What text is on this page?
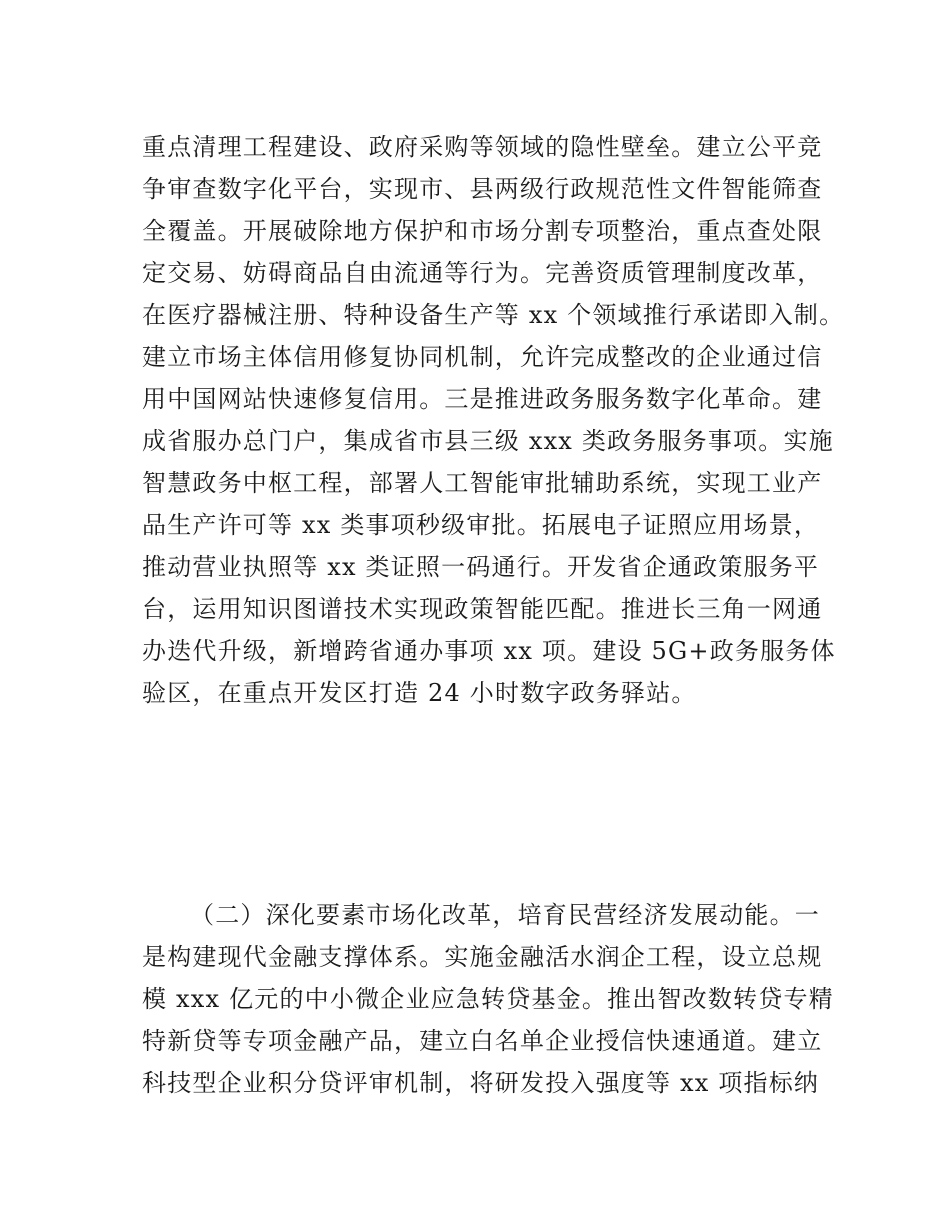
重点清理工程建设、政府采购等领域的隐性壁垒。建立公平竞
争审查数字化平台，实现市、县两级行政规范性文件智能筛查
全覆盖。开展破除地方保护和市场分割专项整治，重点查处限
定交易、妨碍商品自由流通等行为。完善资质管理制度改革，
在医疗器械注册、特种设备生产等 xx 个领域推行承诺即入制。
建立市场主体信用修复协同机制，允许完成整改的企业通过信
用中国网站快速修复信用。三是推进政务服务数字化革命。建
成省服办总门户，集成省市县三级 xxx 类政务服务事项。实施
智慧政务中枢工程，部署人工智能审批辅助系统，实现工业产
品生产许可等 xx 类事项秒级审批。拓展电子证照应用场景，
推动营业执照等 xx 类证照一码通行。开发省企通政策服务平
台，运用知识图谱技术实现政策智能匹配。推进长三角一网通
办迭代升级，新增跨省通办事项 xx 项。建设 5G+政务服务体
验区，在重点开发区打造 24 小时数字政务驿站。
（二）深化要素市场化改革，培育民营经济发展动能。一
是构建现代金融支撑体系。实施金融活水润企工程，设立总规
模 xxx 亿元的中小微企业应急转贷基金。推出智改数转贷专精
特新贷等专项金融产品，建立白名单企业授信快速通道。建立
科技型企业积分贷评审机制，将研发投入强度等 xx 项指标纳
